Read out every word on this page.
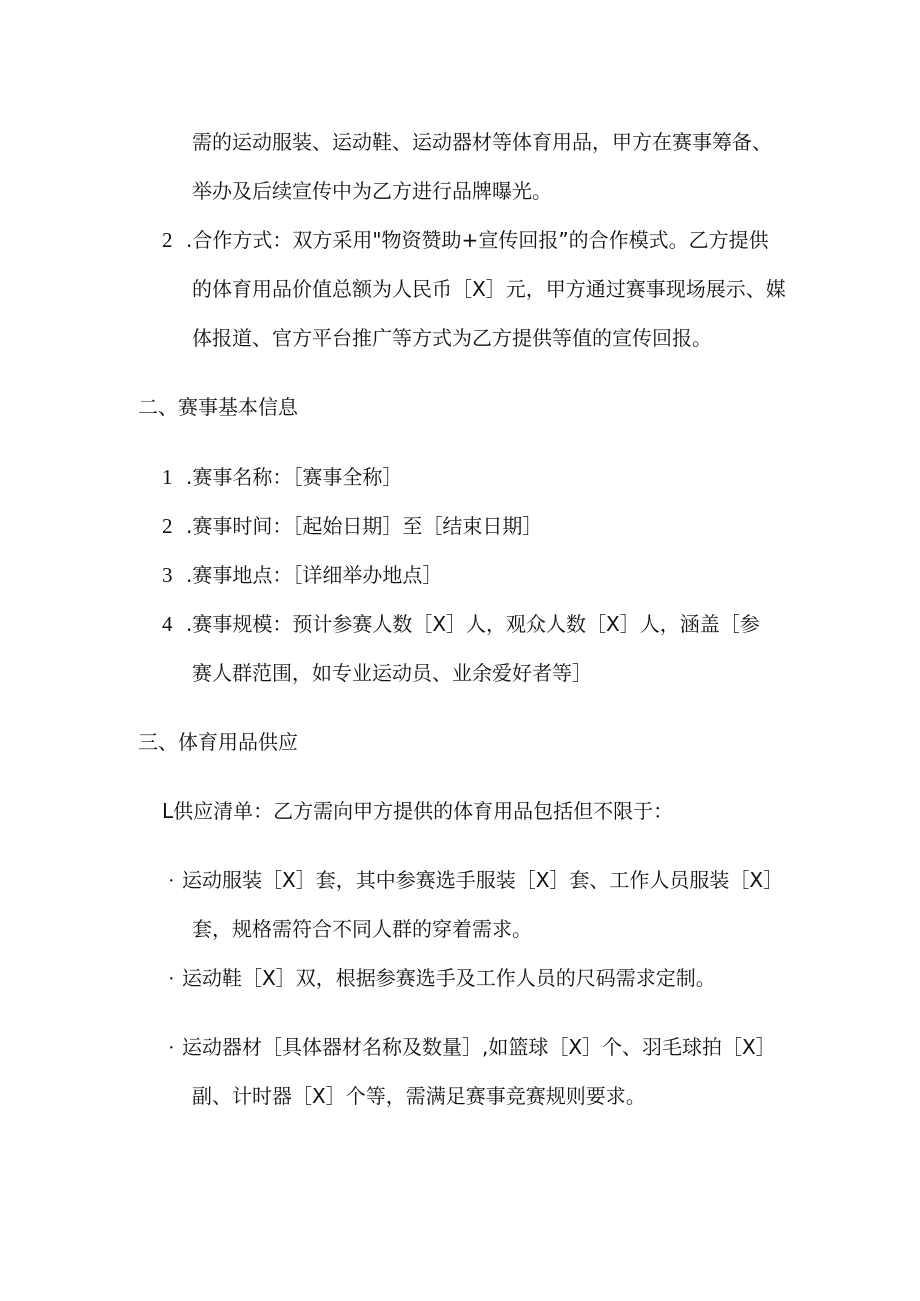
需的运动服装、运动鞋、运动器材等体育用品，甲方在赛事筹备、

举办及后续宣传中为乙方进行品牌曝光。

2 .合作方式：双方采用"物资赞助+宣传回报”的合作模式。乙方提供

的体育用品价值总额为人民币［X］元，甲方通过赛事现场展示、媒

体报道、官方平台推广等方式为乙方提供等值的宣传回报。

二、赛事基本信息

1 .赛事名称：［赛事全称］

2 .赛事时间：［起始日期］至［结束日期］

3 .赛事地点：［详细举办地点］

4 .赛事规模：预计参赛人数［X］人，观众人数［X］人，涵盖［参

赛人群范围，如专业运动员、业余爱好者等］

三、体育用品供应

L供应清单：乙方需向甲方提供的体育用品包括但不限于：

· 运动服装［X］套，其中参赛选手服装［X］套、工作人员服装［X］

套，规格需符合不同人群的穿着需求。

· 运动鞋［X］双，根据参赛选手及工作人员的尺码需求定制。

· 运动器材［具体器材名称及数量］,如篮球［X］个、羽毛球拍［X］

副、计时器［X］个等，需满足赛事竞赛规则要求。
